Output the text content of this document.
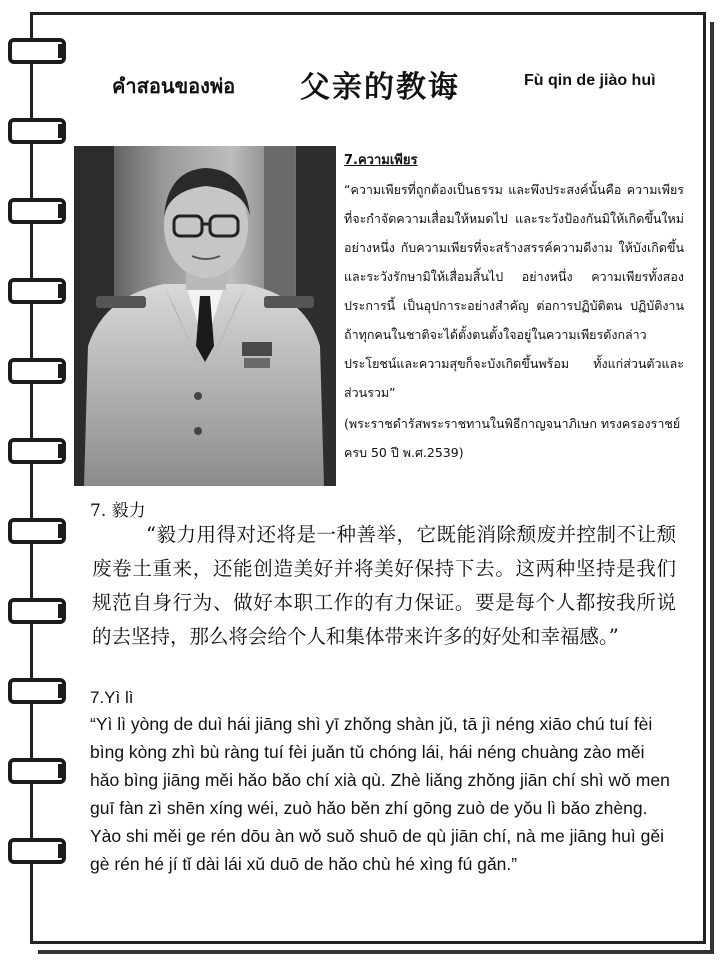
คำสอนของพ่อ 父亲的教诲	Fù qin de jiào huì
7.ความเพียร
“ความเพียรที่ถูกต้องเป็นธรรม และพึงประสงค์นั้นคือ ความเพียรที่จะกำจัดความเสื่อมให้หมดไป และระวังป้องกันมิให้เกิดขึ้นใหม่ อย่างหนึ่ง กับความเพียรที่จะสร้างสรรค์ความดีงาม ให้บังเกิดขึ้นและระวังรักษามิให้เสื่อมสิ้นไป อย่างหนึ่ง ความเพียรทั้งสองประการนี้ เป็นอุปการะอย่างสำคัญ ต่อการปฏิบัติตน ปฏิบัติงาน ถ้าทุกคนในชาติจะได้ตั้งตนตั้งใจอยู่ในความเพียรดังกล่าว ประโยชน์และความสุขก็จะบังเกิดขึ้นพร้อม ทั้งแก่ส่วนตัวและส่วนรวม”
(พระราชดำรัสพระราชทานในพิธีกาญจนาภิเษก ทรงครองราชย์ ครบ 50 ปี พ.ศ.2539)
7. 毅力
“毅力用得对还将是一种善举，它既能消除颓废并控制不让颓废卷土重来，还能创造美好并将美好保持下去。这两种坚持是我们规范自身行为、做好本职工作的有力保证。要是每个人都按我所说的去坚持，那么将会给个人和集体带来许多的好处和幸福感。”
7.Yì lì
“Yì lì yòng de duì hái jiāng shì yī zhǒng shàn jǔ, tā jì néng xiāo chú tuí fèi bìng kòng zhì bù ràng tuí fèi juǎn tǔ chóng lái, hái néng chuàng zào měi hǎo bìng jiāng měi hǎo bǎo chí xià qù. Zhè liǎng zhǒng jiān chí shì wǒ men guī fàn zì shēn xíng wéi, zuò hǎo běn zhí gōng zuò de yǒu lì bǎo zhèng. Yào shi měi ge rén dōu àn wǒ suǒ shuō de qù jiān chí, nà me jiāng huì gěi gè rén hé jí tǐ dài lái xǔ duō de hǎo chù hé xìng fú gǎn.”
